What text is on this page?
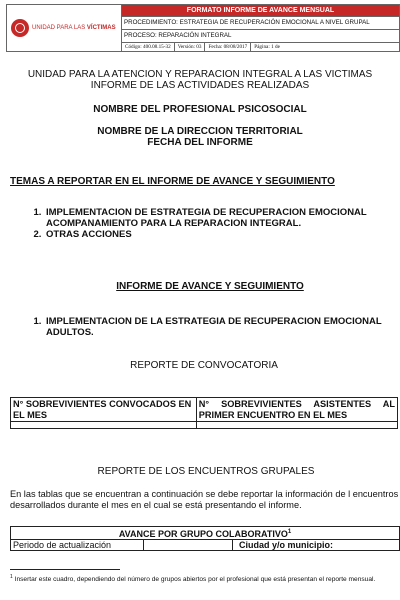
UNIDAD PARA LAS VÍCTIMAS
	FORMATO INFORME DE AVANCE MENSUAL
PROCEDIMIENTO: ESTRATEGIA DE RECUPERACIÓN EMOCIONAL A NIVEL GRUPAL
PROCESO: REPARACIÓN INTEGRAL
Código: 400.08.15-32 Versión: 03 Fecha: 08/08/2017 Página: 1 de
UNIDAD PARA LA ATENCION Y REPARACION INTEGRAL A LAS VICTIMAS
INFORME DE LAS ACTIVIDADES REALIZADAS
NOMBRE DEL PROFESIONAL PSICOSOCIAL
NOMBRE DE LA DIRECCION TERRITORIAL
FECHA DEL INFORME
TEMAS A REPORTAR EN EL INFORME DE AVANCE Y SEGUIMIENTO
1. IMPLEMENTACION DE ESTRATEGIA DE RECUPERACION EMOCIONAL ACOMPANAMIENTO PARA LA REPARACION INTEGRAL.
2. OTRAS ACCIONES
INFORME DE AVANCE Y SEGUIMIENTO
1. IMPLEMENTACION DE LA ESTRATEGIA DE RECUPERACION EMOCIONAL ADULTOS.
REPORTE DE CONVOCATORIA
N° SOBREVIVIENTES CONVOCADOS EN EL MES	N° SOBREVIVIENTES ASISTENTES AL PRIMER ENCUENTRO EN EL MES

REPORTE DE LOS ENCUENTROS GRUPALES
En las tablas que se encuentran a continuación se debe reportar la información de l encuentros desarrollados durante el mes en el cual se está presentando el informe.
AVANCE POR GRUPO COLABORATIVO$^1$
Periodo de actualización		Ciudad y/o municipio:
$^1$ Insertar este cuadro, dependiendo del número de grupos abiertos por el profesional que está presentan el reporte mensual.
